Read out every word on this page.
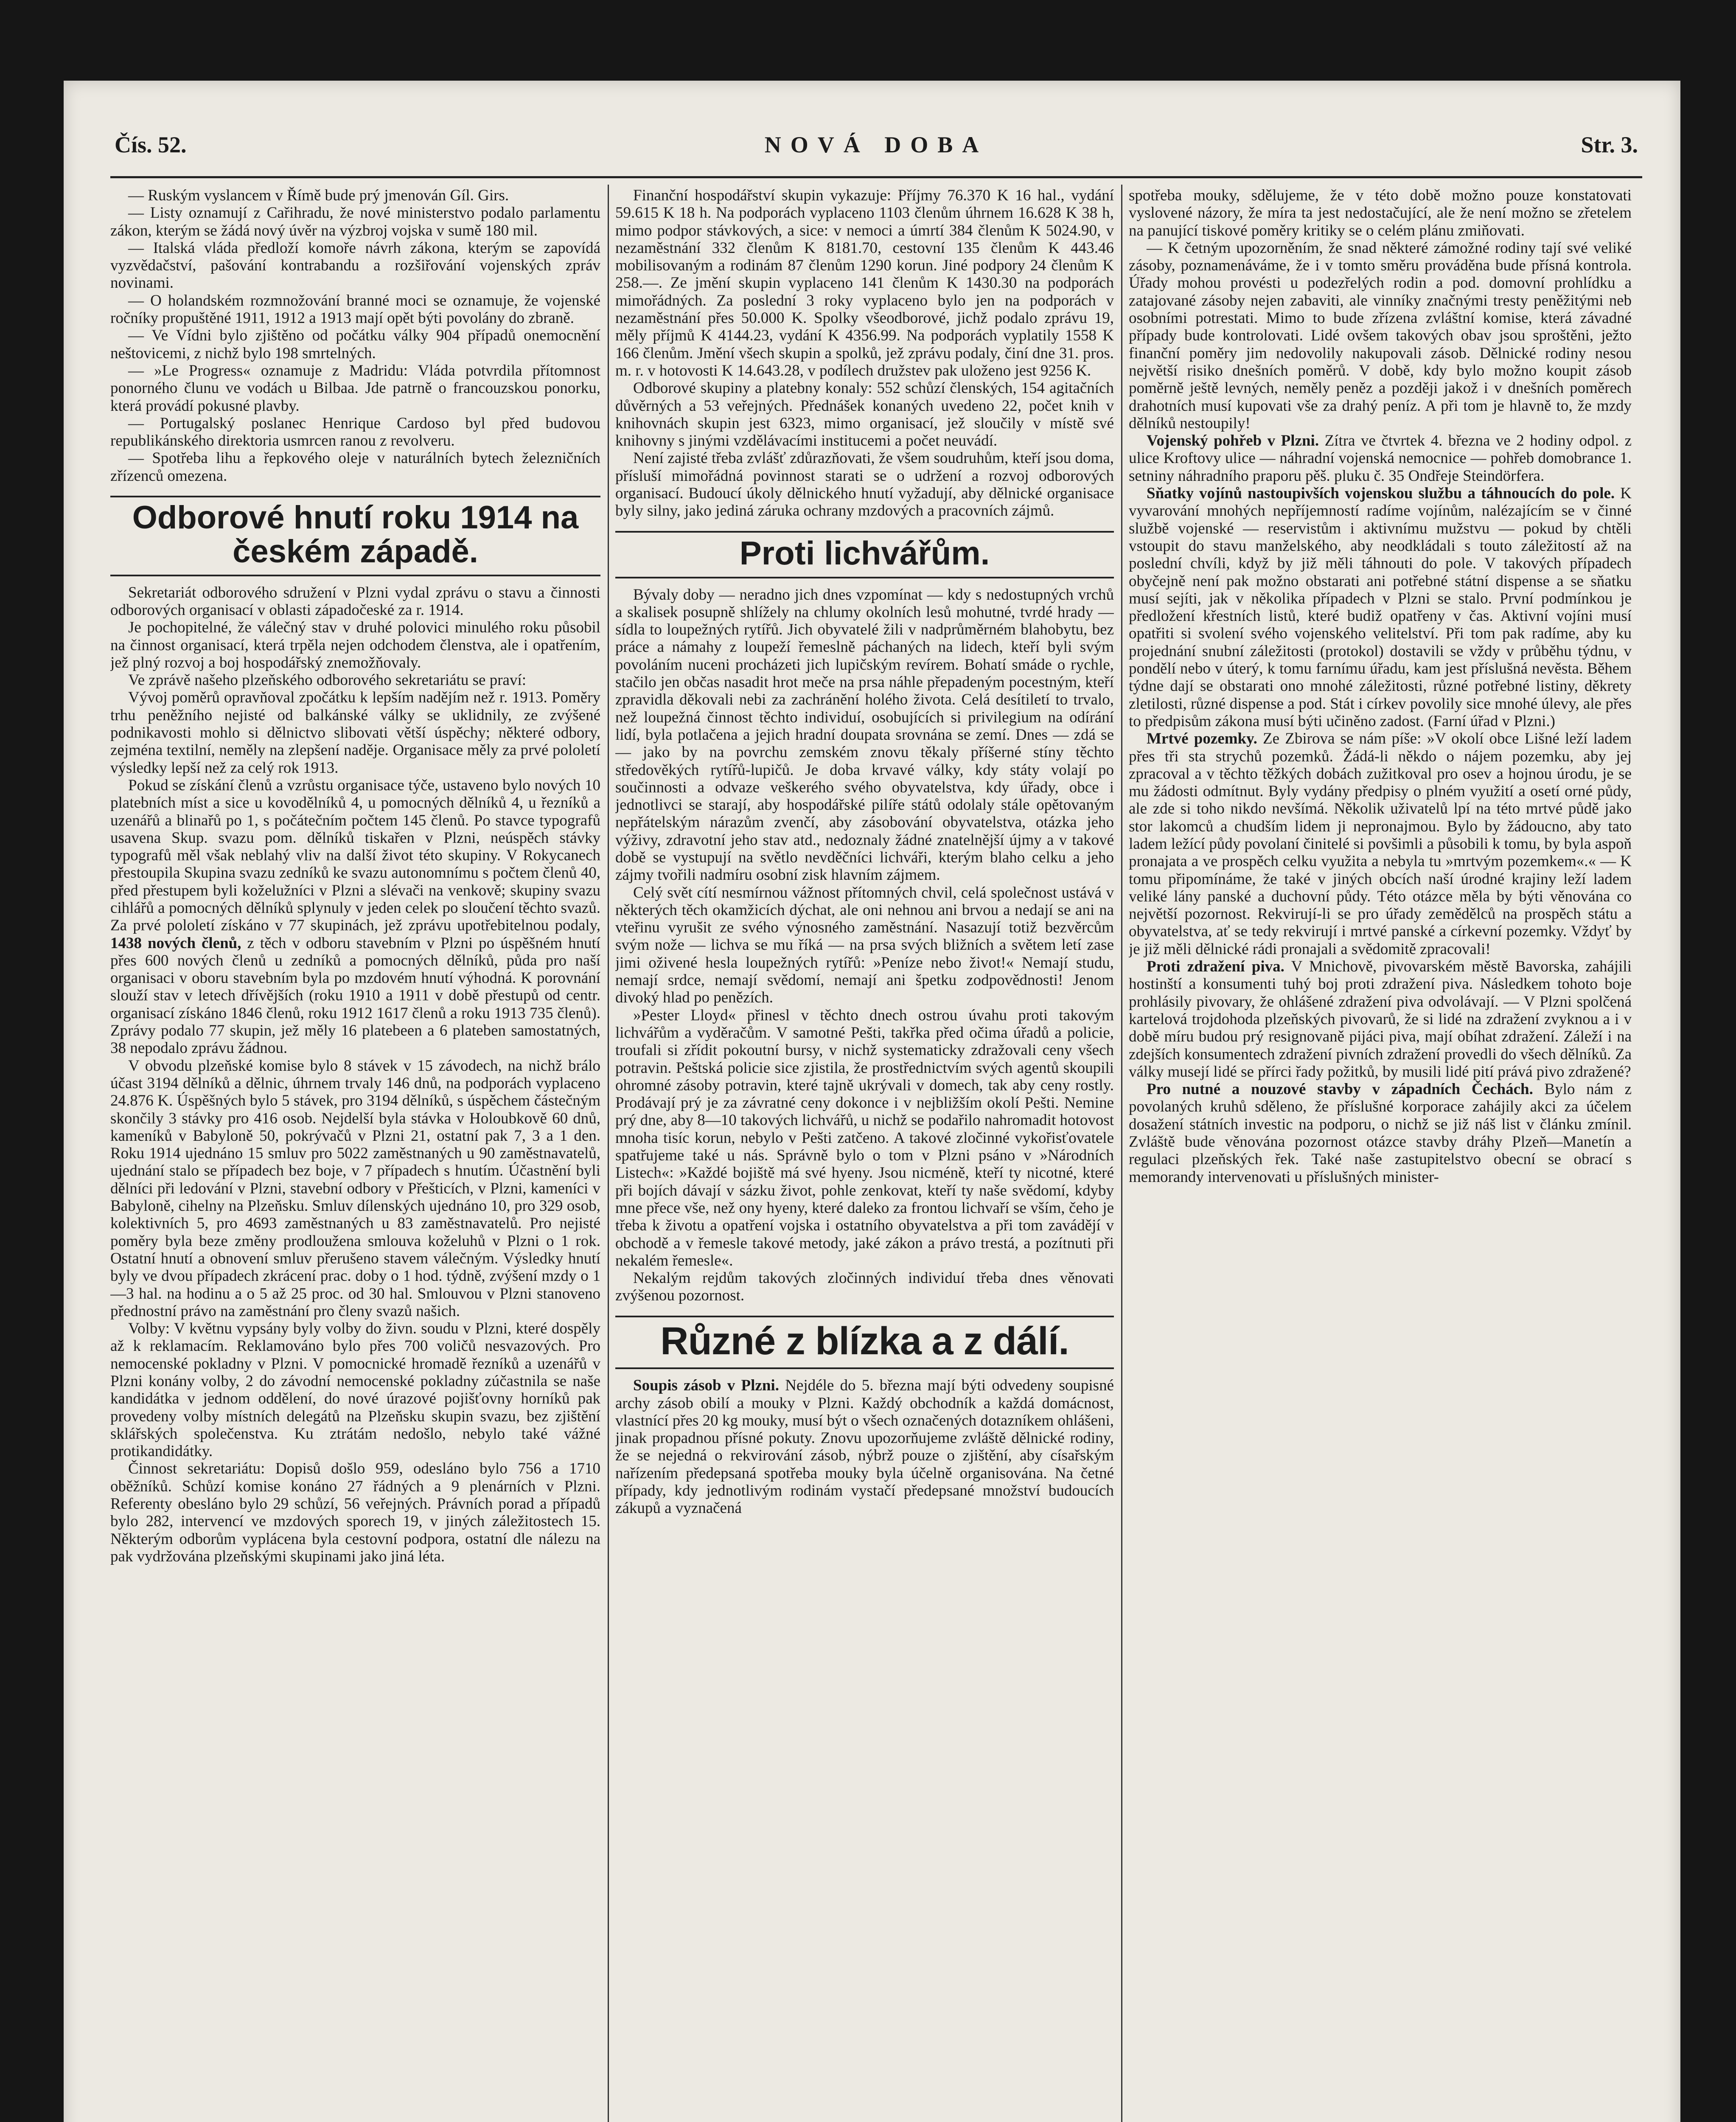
Čís. 52.	NOVÁ DOBA	Str. 3.

— Ruským vyslancem v Římě bude prý jmenován Gíl. Girs.

— Listy oznamují z Cařihradu, že nové ministerstvo podalo parlamentu zákon, kterým se žádá nový úvěr na výzbroj vojska v sumě 180 mil.

— Italská vláda předloží komoře návrh zákona, kterým se zapovídá vyzvědačství, pašování kontrabandu a rozšiřování vojenských zpráv novinami.

— O holandském rozmnožování branné moci se oznamuje, že vojenské ročníky propuštěné 1911, 1912 a 1913 mají opět býti povolány do zbraně.

— Ve Vídni bylo zjištěno od počátku války 904 případů onemocnění neštovicemi, z nichž bylo 198 smrtelných.

— »Le Progress« oznamuje z Madridu: Vláda potvrdila přítomnost ponorného člunu ve vodách u Bilbaa. Jde patrně o francouzskou ponorku, která provádí pokusné plavby.

— Portugalský poslanec Henrique Cardoso byl před budovou republikánského direktoria usmrcen ranou z revolveru.

— Spotřeba lihu a řepkového oleje v naturálních bytech železničních zřízenců omezena.

Odborové hnutí roku 1914 na českém západě.

Sekretariát odborového sdružení v Plzni vydal zprávu o stavu a činnosti odborových organisací v oblasti západočeské za r. 1914.

Je pochopitelné, že válečný stav v druhé polovici minulého roku působil na činnost organisací, která trpěla nejen odchodem členstva, ale i opatřením, jež plný rozvoj a boj hospodářský znemožňovaly.

Ve zprávě našeho plzeňského odborového sekretariátu se praví:

Vývoj poměrů opravňoval zpočátku k lepším nadějím než r. 1913. Poměry trhu peněžního nejisté od balkánské války se uklidnily, ze zvýšené podnikavosti mohlo si dělnictvo slibovati větší úspěchy; některé odbory, zejména textilní, neměly na zlepšení naděje. Organisace měly za prvé pololetí výsledky lepší než za celý rok 1913.

Pokud se získání členů a vzrůstu organisace týče, ustaveno bylo nových 10 platebních míst a sice u kovodělníků 4, u pomocných dělníků 4, u řezníků a uzenářů a blinařů po 1, s počátečním počtem 145 členů. Po stavce typografů usavena Skup. svazu pom. dělníků tiskařen v Plzni, neúspěch stávky typografů měl však neblahý vliv na další život této skupiny. V Rokycanech přestoupila Skupina svazu zedníků ke svazu autonomnímu s počtem členů 40, před přestupem byli koželužníci v Plzni a slévači na venkově; skupiny svazu cihlářů a pomocných dělníků splynuly v jeden celek po sloučení těchto svazů. Za prvé pololetí získáno v 77 skupinách, jež zprávu upotřebitelnou podaly, 1438 nových členů, z těch v odboru stavebním v Plzni po úspěšném hnutí přes 600 nových členů u zedníků a pomocných dělníků, půda pro naší organisaci v oboru stavebním byla po mzdovém hnutí výhodná. K porovnání slouží stav v letech dřívějších (roku 1910 a 1911 v době přestupů od centr. organisací získáno 1846 členů, roku 1912 1617 členů a roku 1913 735 členů). Zprávy podalo 77 skupin, jež měly 16 platebeen a 6 plateben samostatných, 38 nepodalo zprávu žádnou.

V obvodu plzeňské komise bylo 8 stávek v 15 závodech, na nichž brálo účast 3194 dělníků a dělnic, úhrnem trvaly 146 dnů, na podporách vyplaceno 24.876 K. Úspěšných bylo 5 stávek, pro 3194 dělníků, s úspěchem částečným skončily 3 stávky pro 416 osob. Nejdelší byla stávka v Holoubkově 60 dnů, kameníků v Babyloně 50, pokrývačů v Plzni 21, ostatní pak 7, 3 a 1 den. Roku 1914 ujednáno 15 smluv pro 5022 zaměstnaných u 90 zaměstnavatelů, ujednání stalo se případech bez boje, v 7 případech s hnutím. Účastnění byli dělníci při ledování v Plzni, stavební odbory v Přešticích, v Plzni, kameníci v Babyloně, cihelny na Plzeňsku. Smluv dílenských ujednáno 10, pro 329 osob, kolektivních 5, pro 4693 zaměstnaných u 83 zaměstnavatelů. Pro nejisté poměry byla beze změny prodloužena smlouva koželuhů v Plzni o 1 rok. Ostatní hnutí a obnovení smluv přerušeno stavem válečným. Výsledky hnutí byly ve dvou případech zkrácení prac. doby o 1 hod. týdně, zvýšení mzdy o 1—3 hal. na hodinu a o 5 až 25 proc. od 30 hal. Smlouvou v Plzni stanoveno přednostní právo na zaměstnání pro členy svazů našich.

Volby: V květnu vypsány byly volby do živn. soudu v Plzni, které dospěly až k reklamacím. Reklamováno bylo přes 700 voličů nesvazových. Pro nemocenské pokladny v Plzni. V pomocnické hromadě řezníků a uzenářů v Plzni konány volby, 2 do závodní nemocenské pokladny zúčastnila se naše kandidátka v jednom oddělení, do nové úrazové pojišťovny horníků pak provedeny volby místních delegátů na Plzeňsku skupin svazu, bez zjištění sklářských společenstva. Ku ztrátám nedošlo, nebylo také vážné protikandidátky.

Činnost sekretariátu: Dopisů došlo 959, odesláno bylo 756 a 1710 oběžníků. Schůzí komise konáno 27 řádných a 9 plenárních v Plzni. Referenty obesláno bylo 29 schůzí, 56 veřejných. Právních porad a případů bylo 282, intervencí ve mzdových sporech 19, v jiných záležitostech 15. Některým odborům vyplácena byla cestovní podpora, ostatní dle nálezu na pak vydržována plzeňskými skupinami jako jiná léta.

Finanční hospodářství skupin vykazuje: Příjmy 76.370 K 16 hal., vydání 59.615 K 18 h. Na podporách vyplaceno 1103 členům úhrnem 16.628 K 38 h, mimo podpor stávkových, a sice: v nemoci a úmrtí 384 členům K 5024.90, v nezaměstnání 332 členům K 8181.70, cestovní 135 členům K 443.46 mobilisovaným a rodinám 87 členům 1290 korun. Jiné podpory 24 členům K 258.—. Ze jmění skupin vyplaceno 141 členům K 1430.30 na podporách mimořádných. Za poslední 3 roky vyplaceno bylo jen na podporách v nezaměstnání přes 50.000 K. Spolky všeodborové, jichž podalo zprávu 19, měly příjmů K 4144.23, vydání K 4356.99. Na podporách vyplatily 1558 K 166 členům. Jmění všech skupin a spolků, jež zprávu podaly, činí dne 31. pros. m. r. v hotovosti K 14.643.28, v podílech družstev pak uloženo jest 9256 K.

Odborové skupiny a platebny konaly: 552 schůzí členských, 154 agitačních důvěrných a 53 veřejných. Přednášek konaných uvedeno 22, počet knih v knihovnách skupin jest 6323, mimo organisací, jež sloučily v místě své knihovny s jinými vzdělávacími institucemi a počet neuvádí.

Není zajisté třeba zvlášť zdůrazňovati, že všem soudruhům, kteří jsou doma, přísluší mimořádná povinnost starati se o udržení a rozvoj odborových organisací. Budoucí úkoly dělnického hnutí vyžadují, aby dělnické organisace byly silny, jako jediná záruka ochrany mzdových a pracovních zájmů.

Proti lichvářům.

Bývaly doby — neradno jich dnes vzpomínat — kdy s nedostupných vrchů a skalisek posupně shlížely na chlumy okolních lesů mohutné, tvrdé hrady — sídla to loupežných rytířů. Jich obyvatelé žili v nadprůměrném blahobytu, bez práce a námahy z loupeží řemeslně páchaných na lidech, kteří byli svým povoláním nuceni procházeti jich lupičským revírem. Bohatí smáde o rychle, stačilo jen občas nasadit hrot meče na prsa náhle přepadeným pocestným, kteří zpravidla děkovali nebi za zachránění holého života. Celá desítiletí to trvalo, než loupežná činnost těchto individuí, osobujících si privilegium na odírání lidí, byla potlačena a jejich hradní doupata srovnána se zemí. Dnes — zdá se — jako by na povrchu zemském znovu těkaly příšerné stíny těchto středověkých rytířů-lupičů. Je doba krvavé války, kdy státy volají po součinnosti a odvaze veškerého svého obyvatelstva, kdy úřady, obce i jednotlivci se starají, aby hospodářské pilíře států odolaly stále opětovaným nepřátelským nárazům zvenčí, aby zásobování obyvatelstva, otázka jeho výživy, zdravotní jeho stav atd., nedoznaly žádné znatelnější újmy a v takové době se vystupují na světlo nevděčníci lichváři, kterým blaho celku a jeho zájmy tvořili nadmíru osobní zisk hlavním zájmem.

Celý svět cítí nesmírnou vážnost přítomných chvil, celá společnost ustává v některých těch okamžicích dýchat, ale oni nehnou ani brvou a nedají se ani na vteřinu vyrušit ze svého výnosného zaměstnání. Nasazují totiž bezvěrcům svým nože — lichva se mu říká — na prsa svých bližních a světem letí zase jimi oživené hesla loupežných rytířů: »Peníze nebo život!« Nemají studu, nemají srdce, nemají svědomí, nemají ani špetku zodpovědnosti! Jenom divoký hlad po penězích.

»Pester Lloyd« přinesl v těchto dnech ostrou úvahu proti takovým lichvářům a vyděračům. V samotné Pešti, takřka před očima úřadů a policie, troufali si zřídit pokoutní bursy, v nichž systematicky zdražovali ceny všech potravin. Peštská policie sice zjistila, že prostřednictvím svých agentů skoupili ohromné zásoby potravin, které tajně ukrývali v domech, tak aby ceny rostly. Prodávají prý je za závratné ceny dokonce i v nejbližším okolí Pešti. Nemine prý dne, aby 8—10 takových lichvářů, u nichž se podařilo nahromadit hotovost mnoha tisíc korun, nebylo v Pešti zatčeno. A takové zločinné vykořisťovatele spatřujeme také u nás. Správně bylo o tom v Plzni psáno v »Národních Listech«: »Každé bojiště má své hyeny. Jsou nicméně, kteří ty nicotné, které při bojích dávají v sázku život, pohle zenkovat, kteří ty naše svědomí, kdyby mne přece vše, než ony hyeny, které daleko za frontou lichvaří se vším, čeho je třeba k životu a opatření vojska i ostatního obyvatelstva a při tom zavádějí v obchodě a v řemesle takové metody, jaké zákon a právo trestá, a pozítnuti při nekalém řemesle«.

Nekalým rejdům takových zločinných individuí třeba dnes věnovati zvýšenou pozornost.

Různé z blízka a z dálí.

Soupis zásob v Plzni. Nejdéle do 5. března mají býti odvedeny soupisné archy zásob obilí a mouky v Plzni. Každý obchodník a každá domácnost, vlastnící přes 20 kg mouky, musí být o všech označených dotazníkem ohlášeni, jinak propadnou přísné pokuty. Znovu upozorňujeme zvláště dělnické rodiny, že se nejedná o rekvirování zásob, nýbrž pouze o zjištění, aby císařským nařízením předepsaná spotřeba mouky byla účelně organisována. Na četné případy, kdy jednotlivým rodinám vystačí předepsané množství budoucích zákupů a vyznačená

spotřeba mouky, sdělujeme, že v této době možno pouze konstatovati vyslovené názory, že míra ta jest nedostačující, ale že není možno se zřetelem na panující tiskové poměry kritiky se o celém plánu zmiňovati.

— K četným upozorněním, že snad některé zámožné rodiny tají své veliké zásoby, poznamenáváme, že i v tomto směru prováděna bude přísná kontrola. Úřady mohou provésti u podezřelých rodin a pod. domovní prohlídku a zatajované zásoby nejen zabaviti, ale vinníky značnými tresty peněžitými neb osobními potrestati. Mimo to bude zřízena zvláštní komise, která závadné případy bude kontrolovati. Lidé ovšem takových obav jsou sproštěni, ježto finanční poměry jim nedovolily nakupovali zásob. Dělnické rodiny nesou největší risiko dnešních poměrů. V době, kdy bylo možno koupit zásob poměrně ještě levných, neměly peněz a později jakož i v dnešních poměrech drahotních musí kupovati vše za drahý peníz. A při tom je hlavně to, že mzdy dělníků nestoupily!

Vojenský pohřeb v Plzni. Zítra ve čtvrtek 4. března ve 2 hodiny odpol. z ulice Kroftovy ulice — náhradní vojenská nemocnice — pohřeb domobrance 1. setniny náhradního praporu pěš. pluku č. 35 Ondřeje Steindörfera.

Sňatky vojínů nastoupivších vojenskou službu a táhnoucích do pole. K vyvarování mnohých nepříjemností radíme vojínům, nalézajícím se v činné službě vojenské — reservistům i aktivnímu mužstvu — pokud by chtěli vstoupit do stavu manželského, aby neodkládali s touto záležitostí až na poslední chvíli, když by již měli táhnouti do pole. V takových případech obyčejně není pak možno obstarati ani potřebné státní dispense a se sňatku musí sejíti, jak v několika případech v Plzni se stalo. První podmínkou je předložení křestních listů, které budiž opatřeny v čas. Aktivní vojíni musí opatřiti si svolení svého vojenského velitelství. Při tom pak radíme, aby ku projednání snubní záležitosti (protokol) dostavili se vždy v průběhu týdnu, v pondělí nebo v úterý, k tomu farnímu úřadu, kam jest příslušná nevěsta. Během týdne dají se obstarati ono mnohé záležitosti, různé potřebné listiny, děkrety zletilosti, různé dispense a pod. Stát i církev povolily sice mnohé úlevy, ale přes to předpisům zákona musí býti učiněno zadost. (Farní úřad v Plzni.)

Mrtvé pozemky. Ze Zbirova se nám píše: »V okolí obce Lišné leží ladem přes tři sta strychů pozemků. Žádá-li někdo o nájem pozemku, aby jej zpracoval a v těchto těžkých dobách zužitkoval pro osev a hojnou úrodu, je se mu žádosti odmítnut. Byly vydány předpisy o plném využití a osetí orné půdy, ale zde si toho nikdo nevšímá. Několik uživatelů lpí na této mrtvé půdě jako stor lakomců a chudším lidem ji nepronajmou. Bylo by žádoucno, aby tato ladem ležící půdy povolaní činitelé si povšimli a působili k tomu, by byla aspoň pronajata a ve prospěch celku využita a nebyla tu »mrtvým pozemkem«.« — K tomu připomínáme, že také v jiných obcích naší úrodné krajiny leží ladem veliké lány panské a duchovní půdy. Této otázce měla by býti věnována co největší pozornost. Rekvirují-li se pro úřady zemědělců na prospěch státu a obyvatelstva, ať se tedy rekvirují i mrtvé panské a církevní pozemky. Vždyť by je již měli dělnické rádi pronajali a svědomitě zpracovali!

Proti zdražení piva. V Mnichově, pivovarském městě Bavorska, zahájili hostinští a konsumenti tuhý boj proti zdražení piva. Následkem tohoto boje prohlásily pivovary, že ohlášené zdražení piva odvolávají. — V Plzni spolčená kartelová trojdohoda plzeňských pivovarů, že si lidé na zdražení zvyknou a i v době míru budou prý resignovaně pijáci piva, mají obíhat zdražení. Záleží i na zdejších konsumentech zdražení pivních zdražení provedli do všech dělníků. Za války musejí lidé se přírci řady požitků, by musili lidé pití prává pivo zdražené?

Pro nutné a nouzové stavby v západních Čechách. Bylo nám z povolaných kruhů sděleno, že příslušné korporace zahájily akci za účelem dosažení státních investic na podporu, o nichž se již náš list v článku zmínil. Zvláště bude věnována pozornost otázce stavby dráhy Plzeň—Manetín a regulaci plzeňských řek. Také naše zastupitelstvo obecní se obrací s memorandy intervenovati u příslušných minister-
